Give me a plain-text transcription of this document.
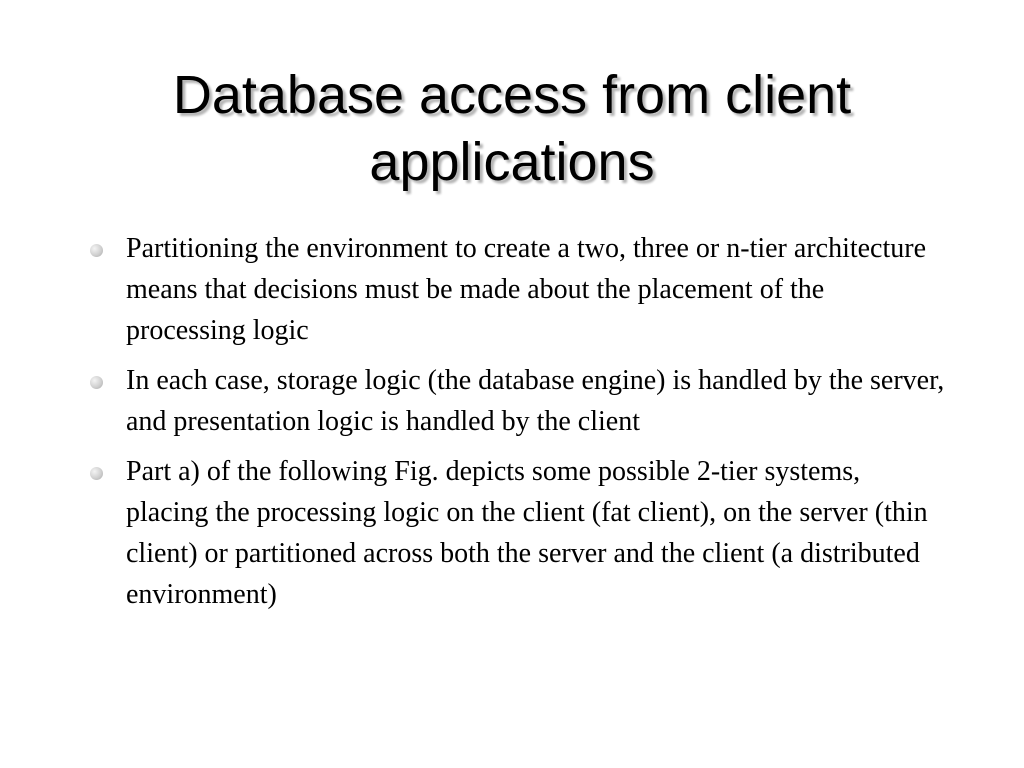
Database access from client applications
Partitioning the environment to create a two, three or n-tier architecture means that decisions must be made about the placement of the processing logic
In each case, storage logic (the database engine) is handled by the server, and presentation logic is handled by the client
Part a) of the following Fig. depicts some possible 2-tier systems, placing the processing logic on the client (fat client), on the server (thin client) or partitioned across both the server and the client (a distributed environment)
